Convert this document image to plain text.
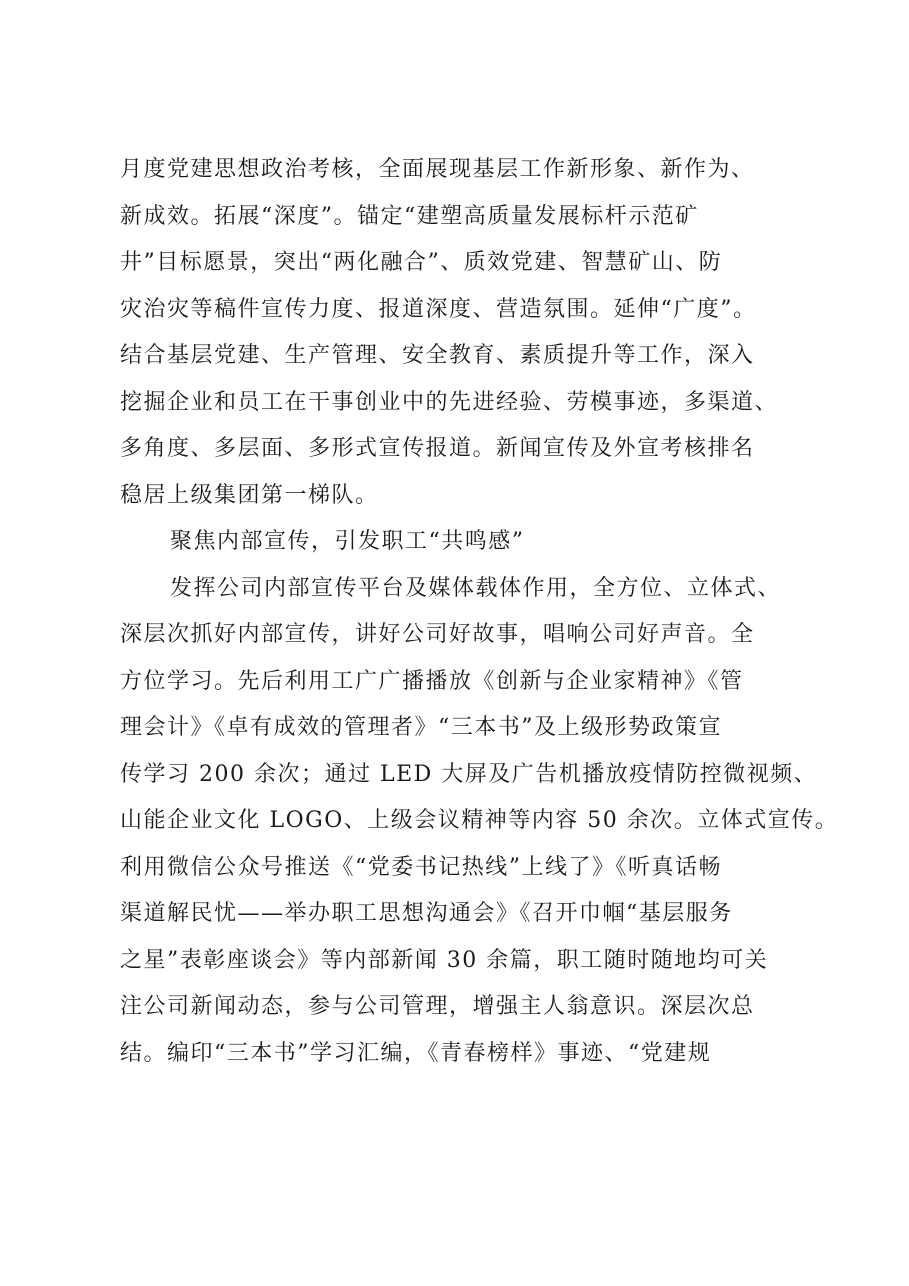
月度党建思想政治考核，全面展现基层工作新形象、新作为、
新成效。拓展“深度”。锚定“建塑高质量发展标杆示范矿
井”目标愿景，突出“两化融合”、质效党建、智慧矿山、防
灾治灾等稿件宣传力度、报道深度、营造氛围。延伸“广度”。
结合基层党建、生产管理、安全教育、素质提升等工作，深入
挖掘企业和员工在干事创业中的先进经验、劳模事迹，多渠道、
多角度、多层面、多形式宣传报道。新闻宣传及外宣考核排名
稳居上级集团第一梯队。
聚焦内部宣传，引发职工“共鸣感”
发挥公司内部宣传平台及媒体载体作用，全方位、立体式、
深层次抓好内部宣传，讲好公司好故事，唱响公司好声音。全
方位学习。先后利用工广广播播放《创新与企业家精神》《管
理会计》《卓有成效的管理者》“三本书”及上级形势政策宣
传学习 200 余次；通过 LED 大屏及广告机播放疫情防控微视频、
山能企业文化 LOGO、上级会议精神等内容 50 余次。立体式宣传。
利用微信公众号推送《“党委书记热线”上线了》《听真话畅
渠道解民忧——举办职工思想沟通会》《召开巾帼“基层服务
之星”表彰座谈会》等内部新闻 30 余篇，职工随时随地均可关
注公司新闻动态，参与公司管理，增强主人翁意识。深层次总
结。编印“三本书”学习汇编，《青春榜样》事迹、“党建规
